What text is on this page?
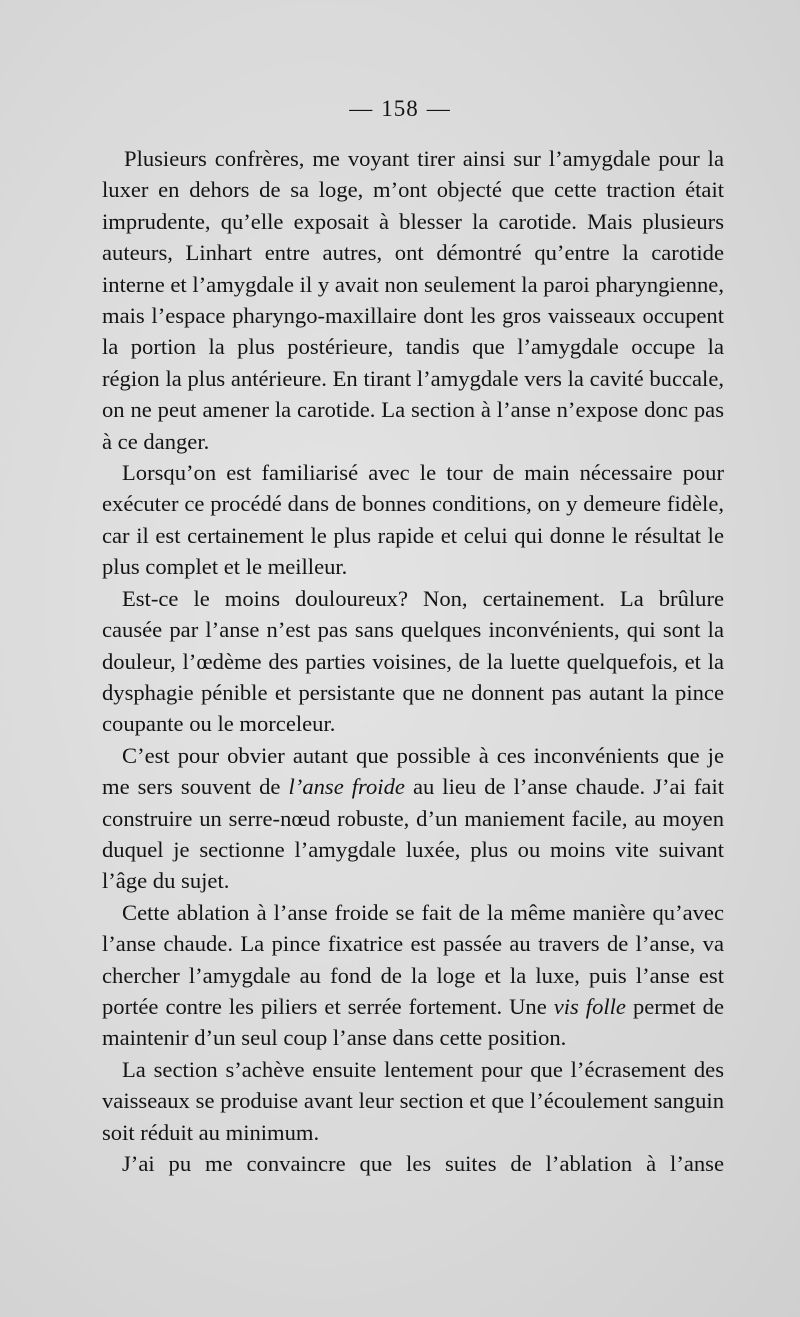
— 158 —

Plusieurs confrères, me voyant tirer ainsi sur l’amygdale pour la luxer en dehors de sa loge, m’ont objecté que cette traction était imprudente, qu’elle exposait à blesser la carotide. Mais plusieurs auteurs, Linhart entre autres, ont démontré qu’entre la carotide interne et l’amygdale il y avait non seulement la paroi pharyngienne, mais l’espace pharyngo-maxillaire dont les gros vaisseaux occupent la portion la plus postérieure, tandis que l’amygdale occupe la région la plus antérieure. En tirant l’amygdale vers la cavité buccale, on ne peut amener la carotide. La section à l’anse n’expose donc pas à ce danger.

Lorsqu’on est familiarisé avec le tour de main nécessaire pour exécuter ce procédé dans de bonnes conditions, on y demeure fidèle, car il est certainement le plus rapide et celui qui donne le résultat le plus complet et le meilleur.

Est-ce le moins douloureux? Non, certainement. La brûlure causée par l’anse n’est pas sans quelques inconvénients, qui sont la douleur, l’œdème des parties voisines, de la luette quelquefois, et la dysphagie pénible et persistante que ne donnent pas autant la pince coupante ou le morceleur.

C’est pour obvier autant que possible à ces inconvénients que je me sers souvent de l’anse froide au lieu de l’anse chaude. J’ai fait construire un serre-nœud robuste, d’un maniement facile, au moyen duquel je sectionne l’amygdale luxée, plus ou moins vite suivant l’âge du sujet.

Cette ablation à l’anse froide se fait de la même manière qu’avec l’anse chaude. La pince fixatrice est passée au travers de l’anse, va chercher l’amygdale au fond de la loge et la luxe, puis l’anse est portée contre les piliers et serrée fortement. Une vis folle permet de maintenir d’un seul coup l’anse dans cette position.

La section s’achève ensuite lentement pour que l’écrasement des vaisseaux se produise avant leur section et que l’écoulement sanguin soit réduit au minimum.

J’ai pu me convaincre que les suites de l’ablation à l’anse
